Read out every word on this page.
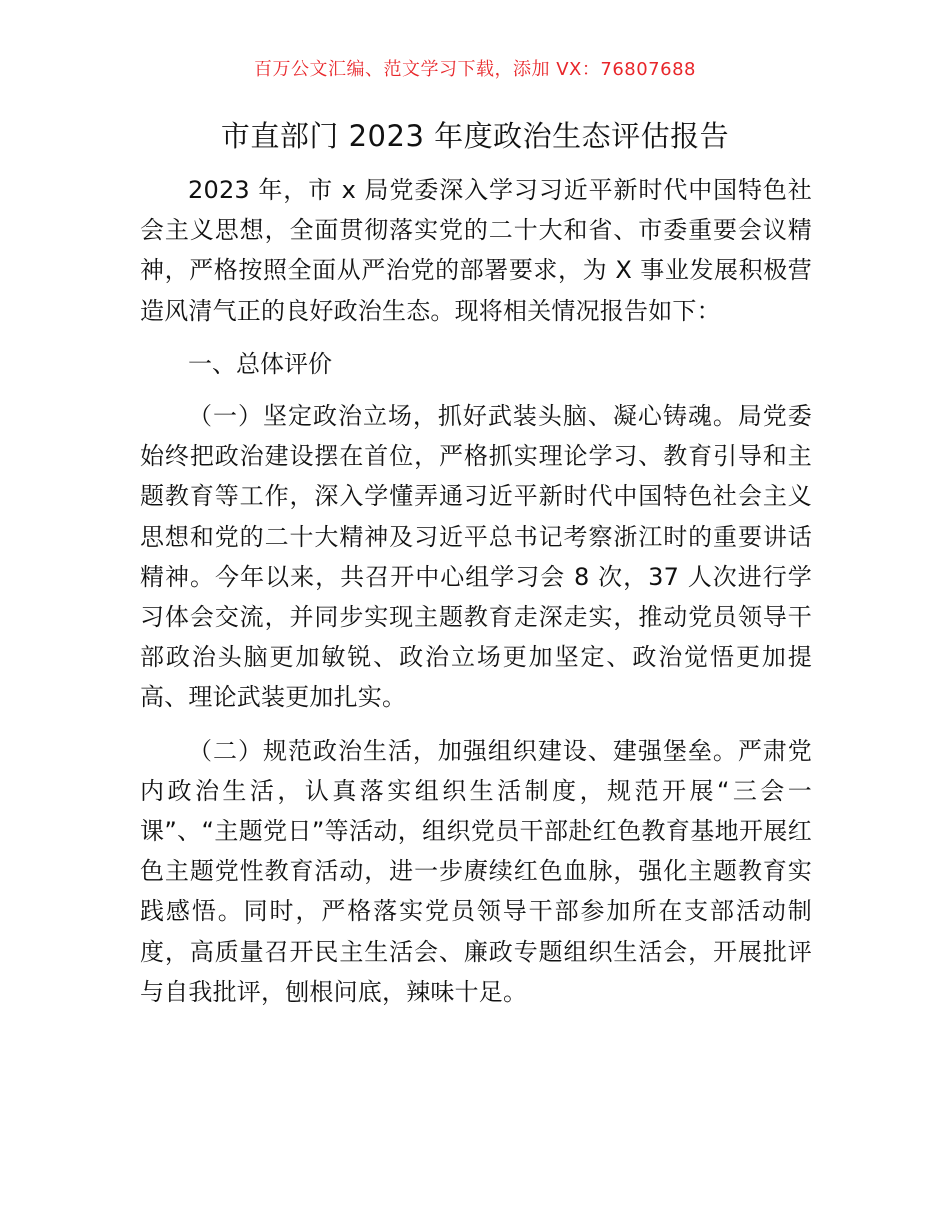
百万公文汇编、范文学习下载，添加 VX：76807688
市直部门 2023 年度政治生态评估报告

2023 年，市 x 局党委深入学习习近平新时代中国特色社会主义思想，全面贯彻落实党的二十大和省、市委重要会议精神，严格按照全面从严治党的部署要求，为 X 事业发展积极营造风清气正的良好政治生态。现将相关情况报告如下：

一、总体评价

（一）坚定政治立场，抓好武装头脑、凝心铸魂。局党委始终把政治建设摆在首位，严格抓实理论学习、教育引导和主题教育等工作，深入学懂弄通习近平新时代中国特色社会主义思想和党的二十大精神及习近平总书记考察浙江时的重要讲话精神。今年以来，共召开中心组学习会 8 次，37 人次进行学习体会交流，并同步实现主题教育走深走实，推动党员领导干部政治头脑更加敏锐、政治立场更加坚定、政治觉悟更加提高、理论武装更加扎实。

（二）规范政治生活，加强组织建设、建强堡垒。严肃党内政治生活，认真落实组织生活制度，规范开展“三会一课”、“主题党日”等活动，组织党员干部赴红色教育基地开展红色主题党性教育活动，进一步赓续红色血脉，强化主题教育实践感悟。同时，严格落实党员领导干部参加所在支部活动制度，高质量召开民主生活会、廉政专题组织生活会，开展批评与自我批评，刨根问底，辣味十足。
